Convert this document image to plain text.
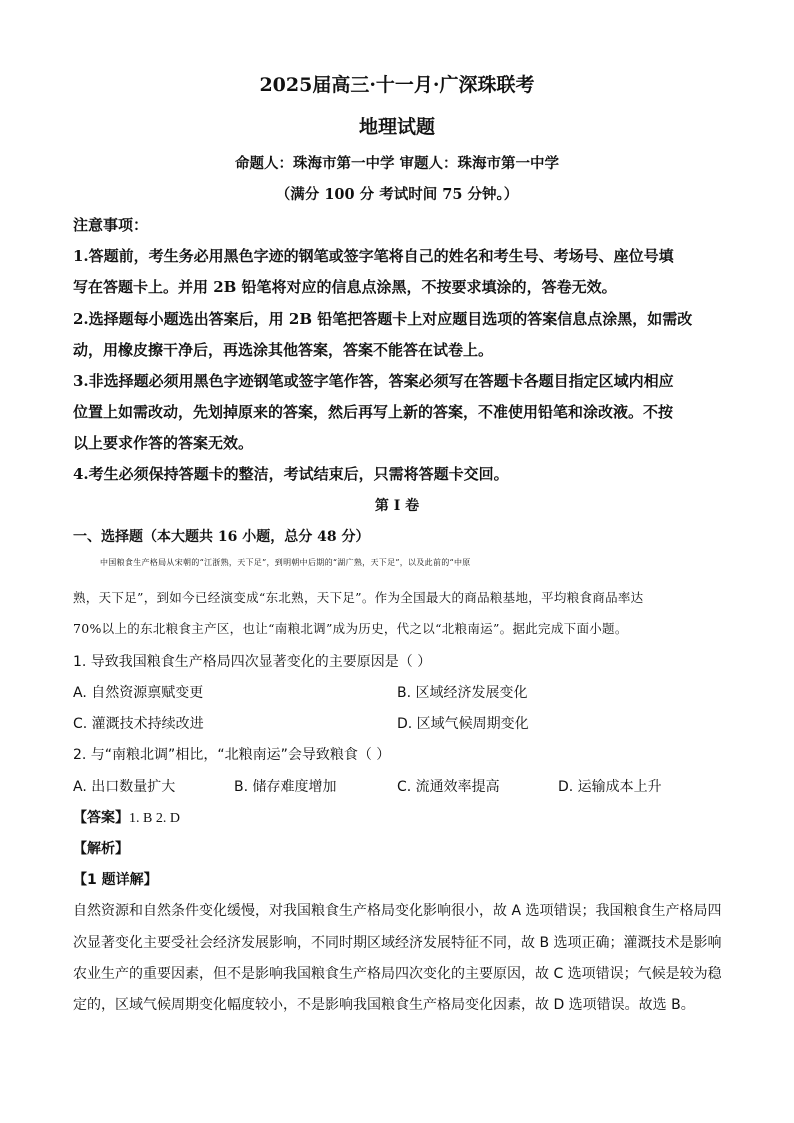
2025届高三·十一月·广深珠联考
地理试题
命题人：珠海市第一中学 审题人：珠海市第一中学
（满分 100 分 考试时间 75 分钟。）
注意事项：
1.答题前，考生务必用黑色字迹的钢笔或签字笔将自己的姓名和考生号、考场号、座位号填
写在答题卡上。并用 2B 铅笔将对应的信息点涂黑，不按要求填涂的，答卷无效。
2.选择题每小题选出答案后，用 2B 铅笔把答题卡上对应题目选项的答案信息点涂黑，如需改
动，用橡皮擦干净后，再选涂其他答案，答案不能答在试卷上。
3.非选择题必须用黑色字迹钢笔或签字笔作答，答案必须写在答题卡各题目指定区域内相应
位置上如需改动，先划掉原来的答案，然后再写上新的答案，不准使用铅笔和涂改液。不按
以上要求作答的答案无效。
4.考生必须保持答题卡的整洁，考试结束后，只需将答题卡交回。
第 I 卷
一、选择题（本大题共 16 小题，总分 48 分）
中国粮食生产格局从宋朝的“江浙熟，天下足”，到明朝中后期的“湖广熟，天下足”，以及此前的“中原
熟，天下足”，到如今已经演变成“东北熟，天下足”。作为全国最大的商品粮基地，平均粮食商品率达
70%以上的东北粮食主产区，也让“南粮北调”成为历史，代之以“北粮南运”。据此完成下面小题。
1. 导致我国粮食生产格局四次显著变化的主要原因是（ ）
A. 自然资源禀赋变更	B. 区域经济发展变化
C. 灌溉技术持续改进	D. 区域气候周期变化
2. 与“南粮北调”相比，“北粮南运”会导致粮食（ ）
A. 出口数量扩大	B. 储存难度增加	C. 流通效率提高	D. 运输成本上升
【答案】1. B 2. D
【解析】
【1 题详解】
自然资源和自然条件变化缓慢，对我国粮食生产格局变化影响很小，故 A 选项错误；我国粮食生产格局四
次显著变化主要受社会经济发展影响，不同时期区域经济发展特征不同，故 B 选项正确；灌溉技术是影响
农业生产的重要因素，但不是影响我国粮食生产格局四次变化的主要原因，故 C 选项错误；气候是较为稳
定的，区域气候周期变化幅度较小，不是影响我国粮食生产格局变化因素，故 D 选项错误。故选 B。
